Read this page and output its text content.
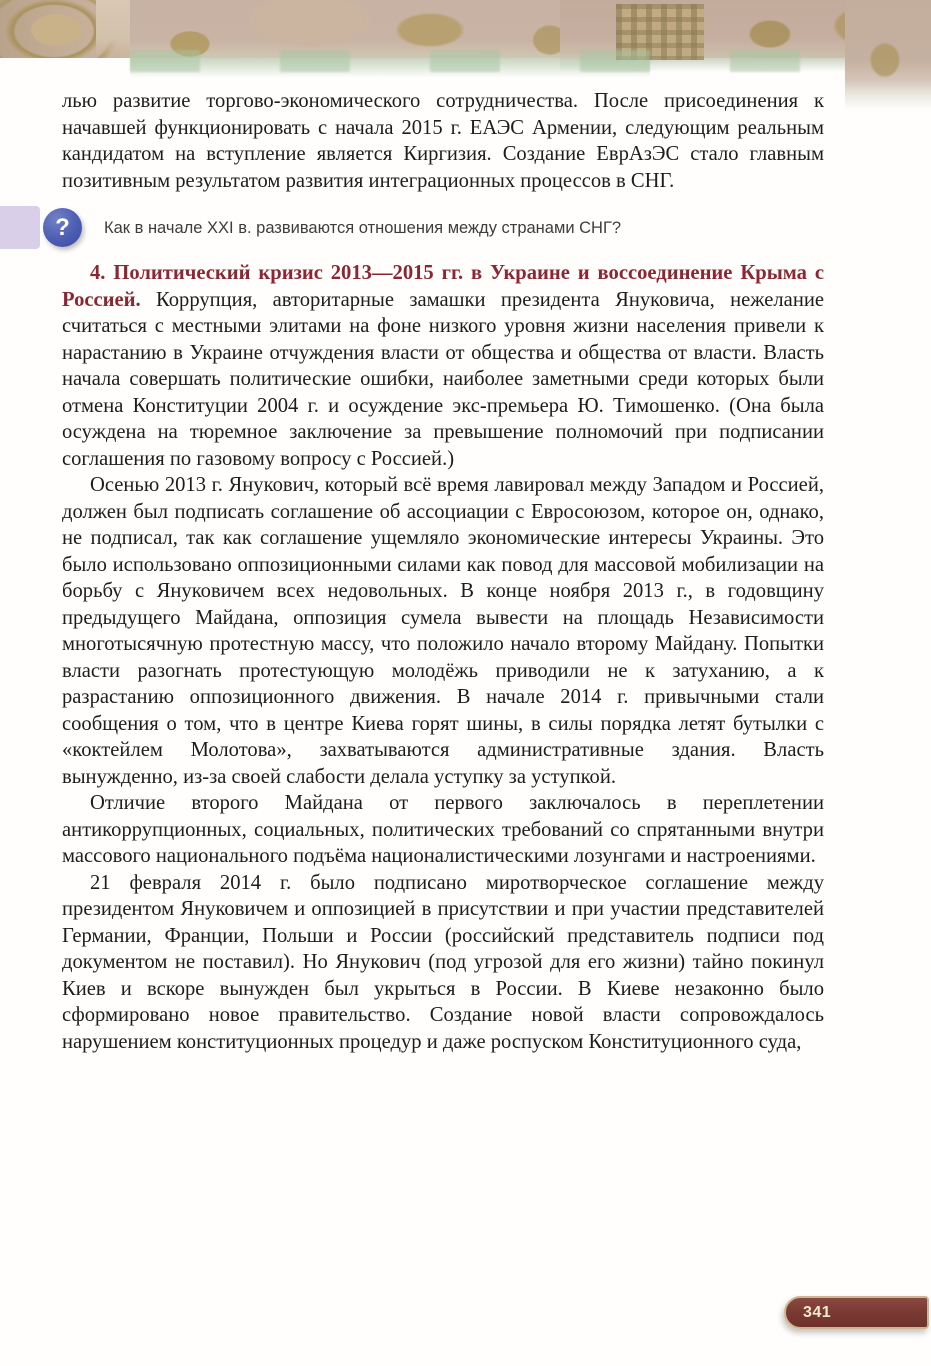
лью развитие торгово-экономического сотрудничества. После присоединения к начавшей функционировать с начала 2015 г. ЕАЭС Армении, следующим реальным кандидатом на вступление является Киргизия. Создание ЕврАзЭС стало главным позитивным результатом развития интеграционных процессов в СНГ.

?	Как в начале XXI в. развиваются отношения между странами СНГ?

4. Политический кризис 2013—2015 гг. в Украине и воссоединение Крыма с Россией. Коррупция, авторитарные замашки президента Януковича, нежелание считаться с местными элитами на фоне низкого уровня жизни населения привели к нарастанию в Украине отчуждения власти от общества и общества от власти. Власть начала совершать политические ошибки, наиболее заметными среди которых были отмена Конституции 2004 г. и осуждение экс-премьера Ю. Тимошенко. (Она была осуждена на тюремное заключение за превышение полномочий при подписании соглашения по газовому вопросу с Россией.)

Осенью 2013 г. Янукович, который всё время лавировал между Западом и Россией, должен был подписать соглашение об ассоциации с Евросоюзом, которое он, однако, не подписал, так как соглашение ущемляло экономические интересы Украины. Это было использовано оппозиционными силами как повод для массовой мобилизации на борьбу с Януковичем всех недовольных. В конце ноября 2013 г., в годовщину предыдущего Майдана, оппозиция сумела вывести на площадь Независимости многотысячную протестную массу, что положило начало второму Майдану. Попытки власти разогнать протестующую молодёжь приводили не к затуханию, а к разрастанию оппозиционного движения. В начале 2014 г. привычными стали сообщения о том, что в центре Киева горят шины, в силы порядка летят бутылки с «коктейлем Молотова», захватываются административные здания. Власть вынужденно, из-за своей слабости делала уступку за уступкой.

Отличие второго Майдана от первого заключалось в переплетении антикоррупционных, социальных, политических требований со спрятанными внутри массового национального подъёма националистическими лозунгами и настроениями.

21 февраля 2014 г. было подписано миротворческое соглашение между президентом Януковичем и оппозицией в присутствии и при участии представителей Германии, Франции, Польши и России (российский представитель подписи под документом не поставил). Но Янукович (под угрозой для его жизни) тайно покинул Киев и вскоре вынужден был укрыться в России. В Киеве незаконно было сформировано новое правительство. Создание новой власти сопровождалось нарушением конституционных процедур и даже роспуском Конституционного суда,

341
